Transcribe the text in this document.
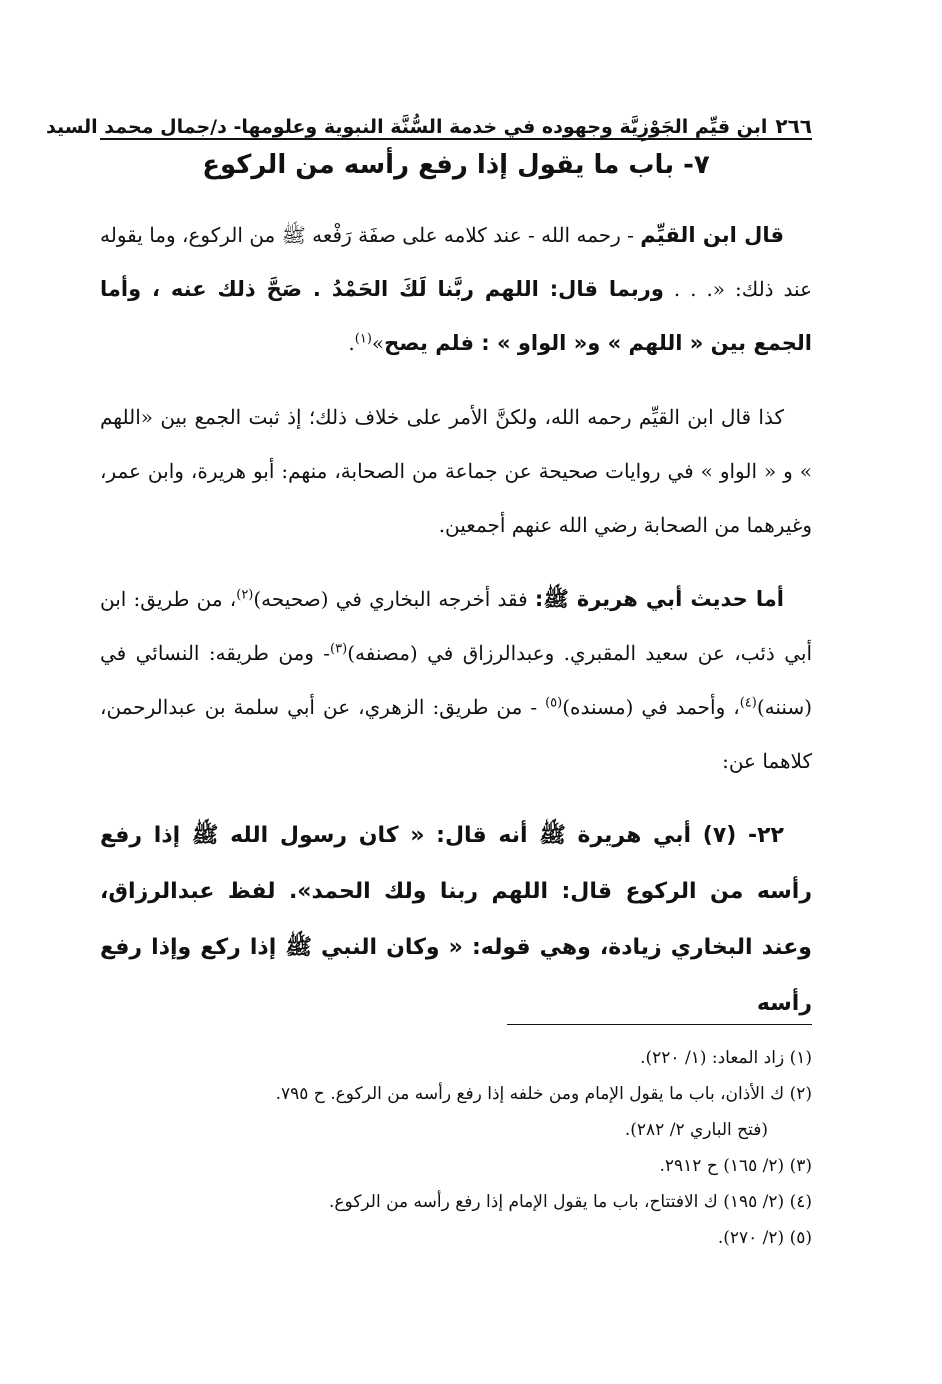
٢٦٦
ابن قيِّم الجَوْزِيَّة وجهوده في خدمة السُّنَّة النبوية وعلومها- د/جمال محمد السيد
٧- باب ما يقول إذا رفع رأسه من الركوع

قال ابن القيِّم - رحمه الله - عند كلامه على صفَة رَفْعه ﷺ من الركوع، وما يقوله عند ذلك: «. . . وربما قال: اللهم ربَّنا لَكَ الحَمْدُ . صَحَّ ذلك عنه ، وأما الجمع بين « اللهم » و« الواو » : فلم يصح»$^{(١)}$.

كذا قال ابن القيِّم رحمه الله، ولكنَّ الأمر على خلاف ذلك؛ إذ ثبت الجمع بين «اللهم » و « الواو » في روايات صحيحة عن جماعة من الصحابة، منهم: أبو هريرة، وابن عمر، وغيرهما من الصحابة رضي الله عنهم أجمعين.

أما حديث أبي هريرة ﷺ: فقد أخرجه البخاري في (صحيحه)$^{(٢)}$، من طريق: ابن أبي ذئب، عن سعيد المقبري. وعبدالرزاق في (مصنفه)$^{(٣)}$- ومن طريقه: النسائي في (سننه)$^{(٤)}$، وأحمد في (مسنده)$^{(٥)}$ - من طريق: الزهري، عن أبي سلمة بن عبدالرحمن، كلاهما عن:

٢٢- (٧) أبي هريرة ﷺ أنه قال: « كان رسول الله ﷺ إذا رفع رأسه من الركوع قال: اللهم ربنا ولك الحمد». لفظ عبدالرزاق، وعند البخاري زيادة، وهي قوله: « وكان النبي ﷺ إذا ركع وإذا رفع رأسه

(١) زاد المعاد: (١/ ٢٢٠).

(٢) ك الأذان، باب ما يقول الإمام ومن خلفه إذا رفع رأسه من الركوع. ح ٧٩٥.

(فتح الباري ٢/ ٢٨٢).

(٣) (٢/ ١٦٥) ح ٢٩١٢.

(٤) (٢/ ١٩٥) ك الافتتاح، باب ما يقول الإمام إذا رفع رأسه من الركوع.

(٥) (٢/ ٢٧٠).
